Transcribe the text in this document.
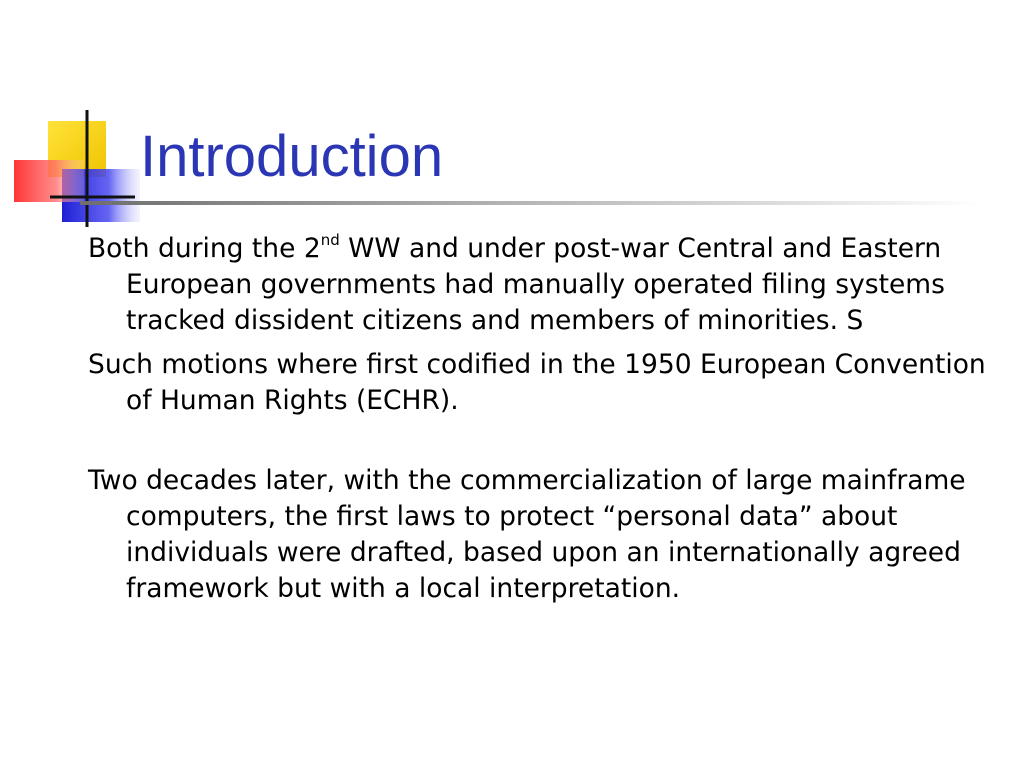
Introduction

Both during the 2nd WW and under post-war Central and Eastern European governments had manually operated filing systems tracked dissident citizens and members of minorities. S

Such motions where first codified in the 1950 European Convention of Human Rights (ECHR).

Two decades later, with the commercialization of large mainframe computers, the first laws to protect “personal data” about individuals were drafted, based upon an internationally agreed framework but with a local interpretation.
